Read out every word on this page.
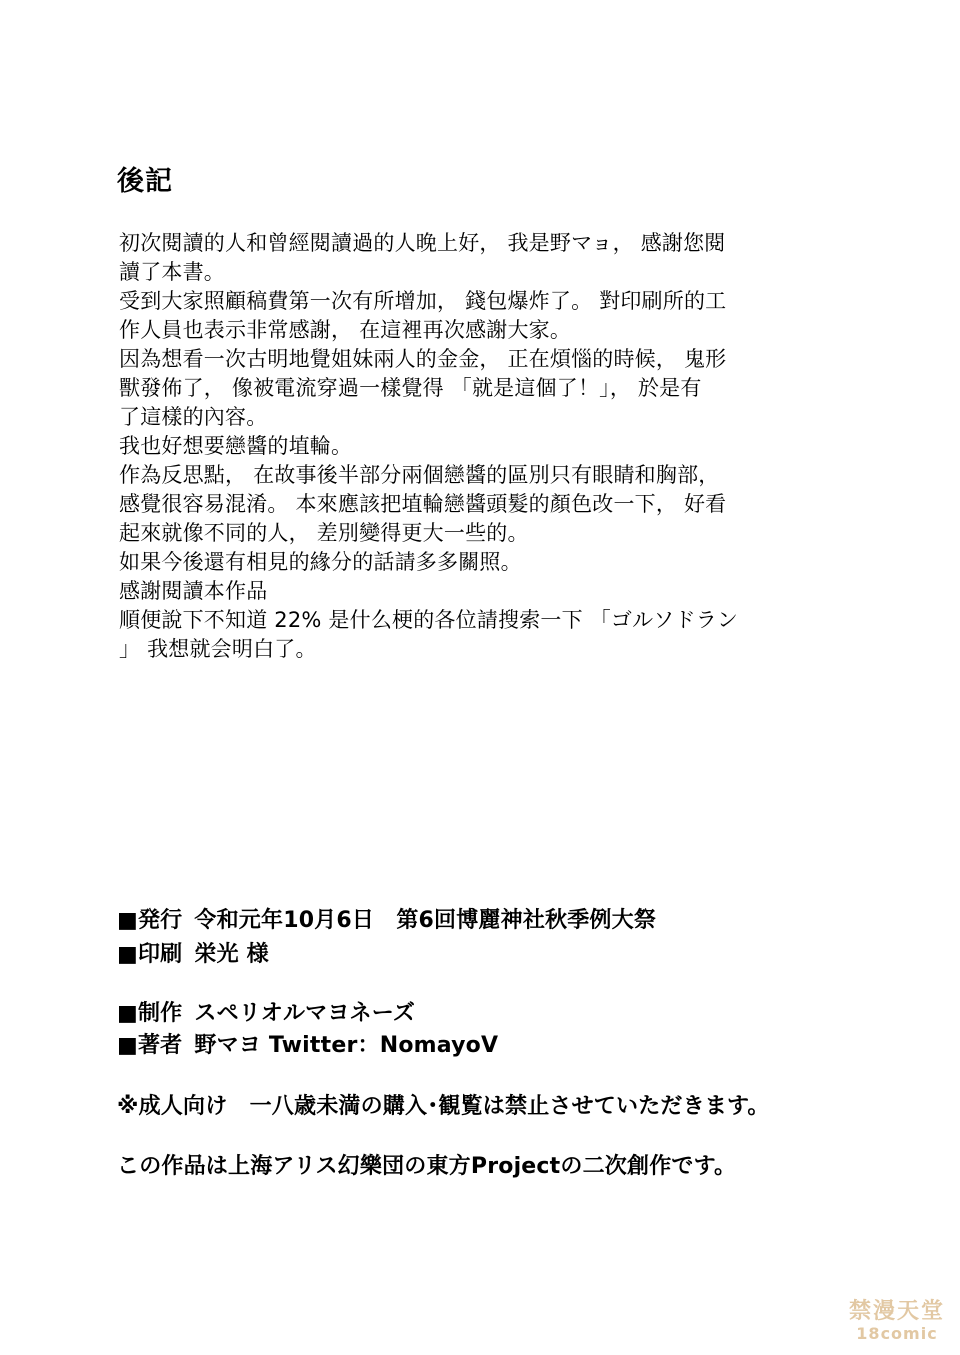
後記
初次閱讀的人和曾經閱讀過的人晚上好， 我是野マョ， 感謝您閱
讀了本書。
受到大家照顧稿費第一次有所增加， 錢包爆炸了。 對印刷所的工
作人員也表示非常感謝， 在這裡再次感謝大家。
因為想看一次古明地覺姐妹兩人的金金， 正在煩惱的時候， 鬼形
獸發佈了， 像被電流穿過一樣覺得 「就是這個了！」， 於是有
了這樣的內容。
我也好想要戀醬的埴輪。
作為反思點， 在故事後半部分兩個戀醬的區別只有眼睛和胸部，
感覺很容易混淆。 本來應該把埴輪戀醬頭髮的顏色改一下， 好看
起來就像不同的人， 差別變得更大一些的。
如果今後還有相見的緣分的話請多多關照。
感謝閱讀本作品
順便說下不知道 22% 是什么梗的各位請搜索一下 「ゴルソドラン
」 我想就会明白了。

■発行 令和元年10月6日　第6回博麗神社秋季例大祭

■印刷 栄光 様

■制作 スペリオルマヨネーズ

■著者 野マヨ Twitter：NomayoV

※成人向け　一八歳未満の購入･観覧は禁止させていただきます。

この作品は上海アリス幻樂団の東方Projectの二次創作です。

禁漫天堂
18comic
